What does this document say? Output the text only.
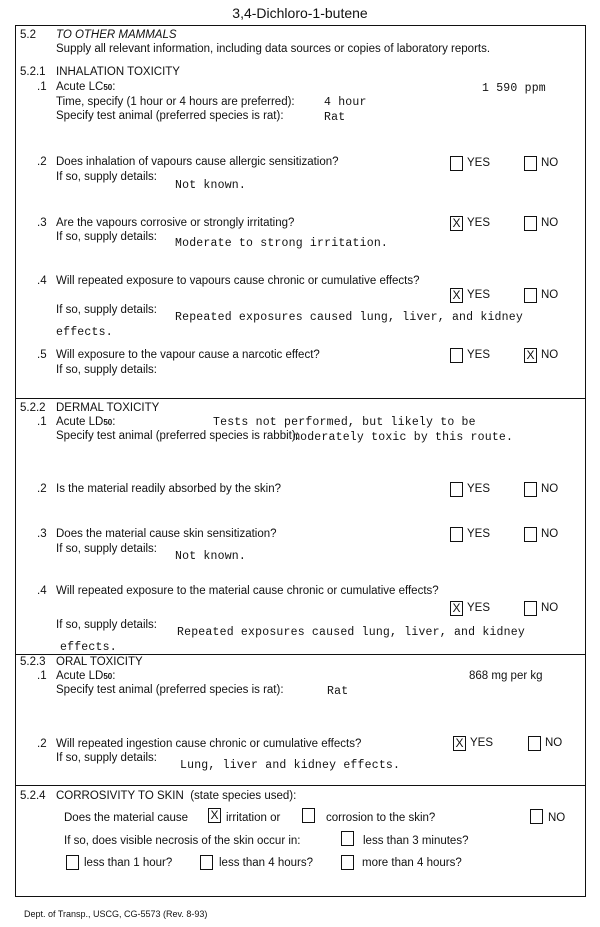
3,4-Dichloro-1-butene
5.2 TO OTHER MAMMALS
Supply all relevant information, including data sources or copies of laboratory reports.
5.2.1 INHALATION TOXICITY
.1 Acute LC50:	1 590 ppm
Time, specify (1 hour or 4 hours are preferred):	4 hour
Specify test animal (preferred species is rat):	Rat
.2 Does inhalation of vapours cause allergic sensitization?	YES	NO
If so, supply details:
Not known.
.3 Are the vapours corrosive or strongly irritating?	X YES	NO
If so, supply details: Moderate to strong irritation.
.4 Will repeated exposure to vapours cause chronic or cumulative effects?
X YES	NO
If so, supply details:
Repeated exposures caused lung, liver, and kidney
effects.
.5 Will exposure to the vapour cause a narcotic effect?	YES	X NO
If so, supply details:
5.2.2 DERMAL TOXICITY
.1 Acute LD50:	Tests not performed, but likely to be
Specify test animal (preferred species is rabbit):
moderately toxic by this route.
.2 Is the material readily absorbed by the skin?	YES	NO
.3 Does the material cause skin sensitization?	YES	NO
If so, supply details:
Not known.
.4 Will repeated exposure to the material cause chronic or cumulative effects?
X YES	NO
If so, supply details:
Repeated exposures caused lung, liver, and kidney
effects.
5.2.3 ORAL TOXICITY
.1 Acute LD50:	868 mg per kg
Specify test animal (preferred species is rat):	Rat
.2 Will repeated ingestion cause chronic or cumulative effects?	X YES	NO
If so, supply details:
Lung, liver and kidney effects.
5.2.4 CORROSIVITY TO SKIN (state species used):
Does the material cause X irritation or	corrosion to the skin?	NO
If so, does visible necrosis of the skin occur in:	less than 3 minutes?
less than 1 hour?	less than 4 hours?	more than 4 hours?
Dept. of Transp., USCG, CG-5573 (Rev. 8-93)
